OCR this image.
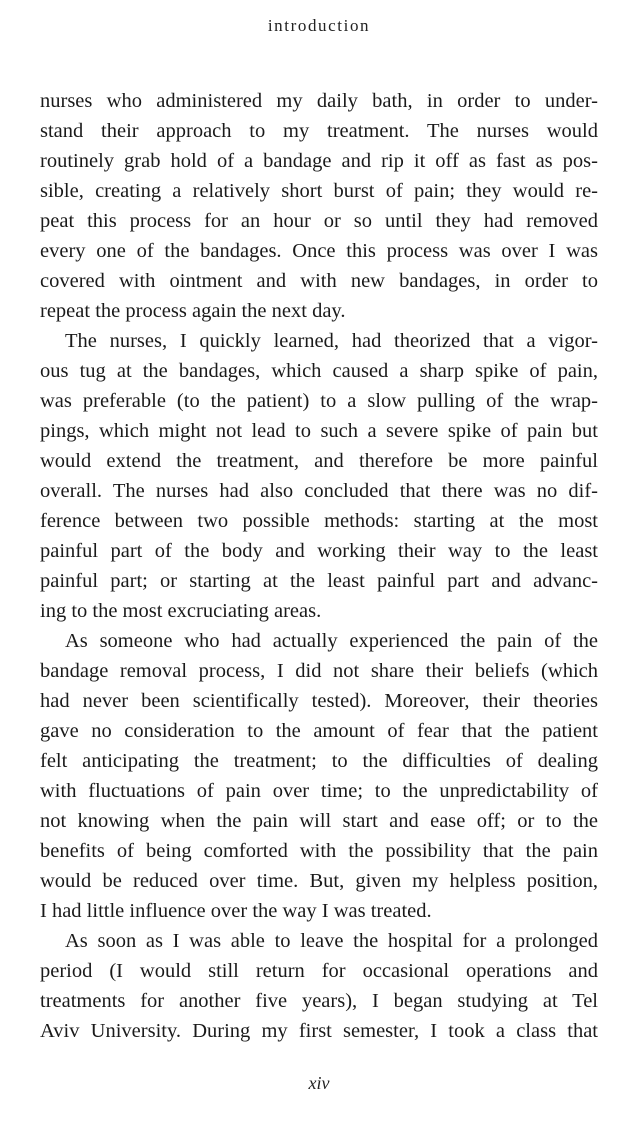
introduction
nurses who administered my daily bath, in order to under-
stand their approach to my treatment. The nurses would
routinely grab hold of a bandage and rip it off as fast as pos-
sible, creating a relatively short burst of pain; they would re-
peat this process for an hour or so until they had removed
every one of the bandages. Once this process was over I was
covered with ointment and with new bandages, in order to
repeat the process again the next day.
The nurses, I quickly learned, had theorized that a vigor-
ous tug at the bandages, which caused a sharp spike of pain,
was preferable (to the patient) to a slow pulling of the wrap-
pings, which might not lead to such a severe spike of pain but
would extend the treatment, and therefore be more painful
overall. The nurses had also concluded that there was no dif-
ference between two possible methods: starting at the most
painful part of the body and working their way to the least
painful part; or starting at the least painful part and advanc-
ing to the most excruciating areas.
As someone who had actually experienced the pain of the
bandage removal process, I did not share their beliefs (which
had never been scientifically tested). Moreover, their theories
gave no consideration to the amount of fear that the patient
felt anticipating the treatment; to the difficulties of dealing
with fluctuations of pain over time; to the unpredictability of
not knowing when the pain will start and ease off; or to the
benefits of being comforted with the possibility that the pain
would be reduced over time. But, given my helpless position,
I had little influence over the way I was treated.
As soon as I was able to leave the hospital for a prolonged
period (I would still return for occasional operations and
treatments for another five years), I began studying at Tel
Aviv University. During my first semester, I took a class that
xiv
